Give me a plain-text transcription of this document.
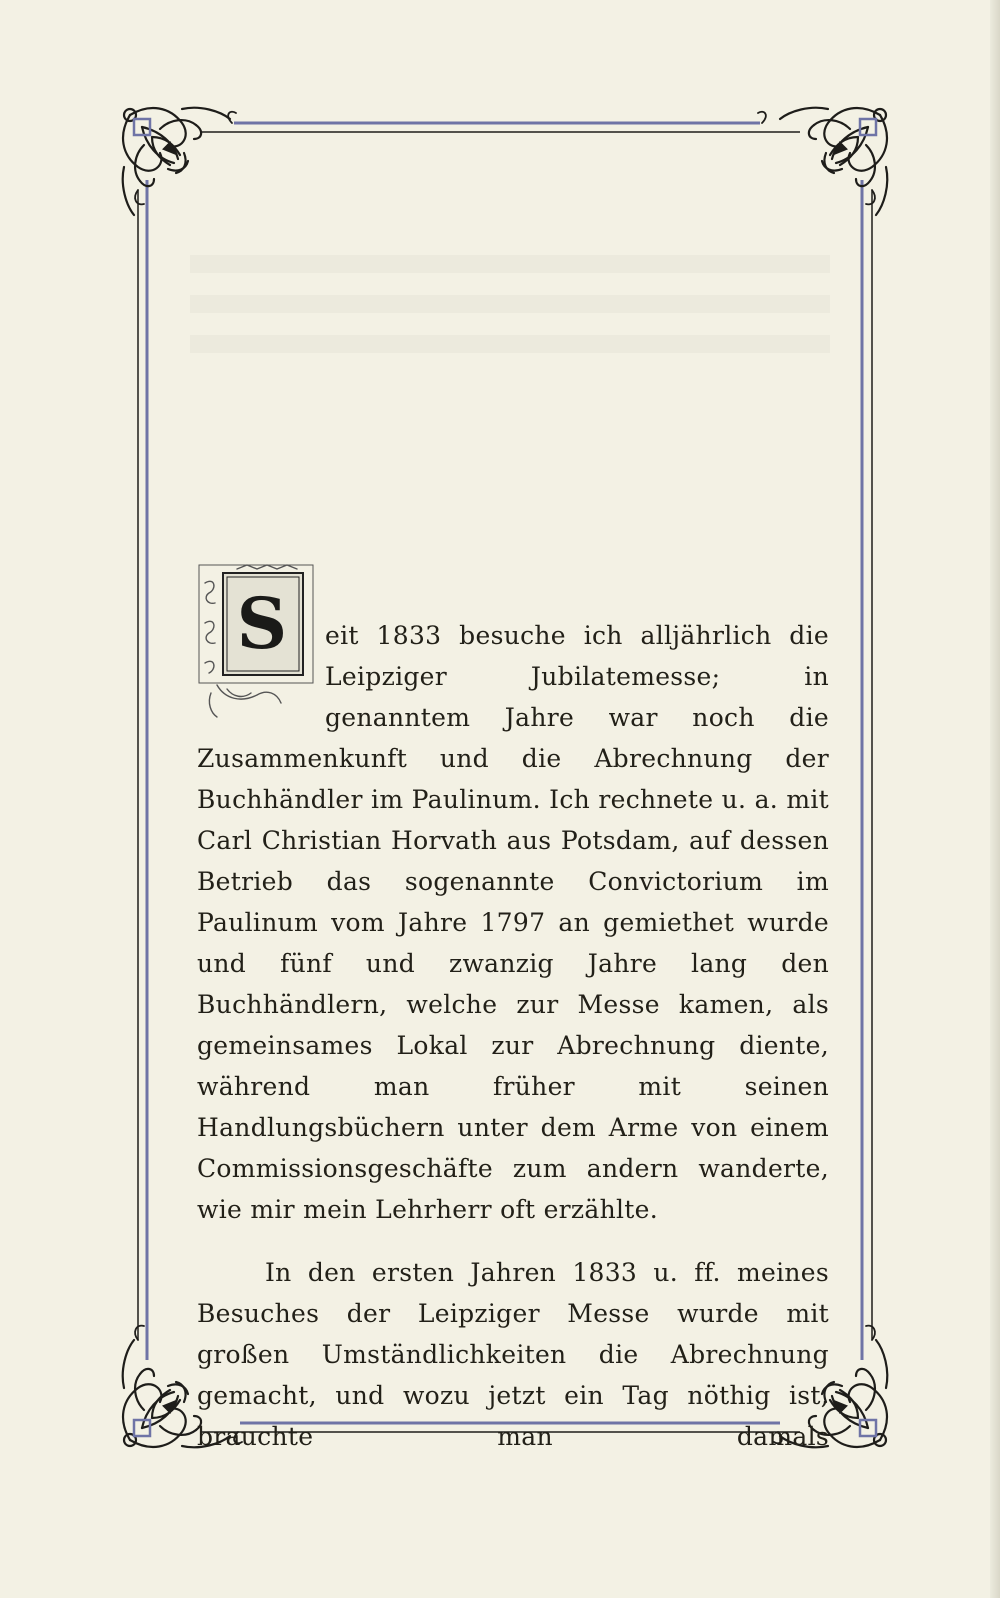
S	eit 1833 besuche ich alljährlich die Leipziger Jubilatemesse; in genanntem Jahre war noch die Zusammenkunft und die Abrechnung der Buchhändler im Paulinum. Ich rechnete u. a. mit Carl Christian Horvath aus Potsdam, auf dessen Betrieb das sogenannte Convictorium im Paulinum vom Jahre 1797 an gemiethet wurde und fünf und zwanzig Jahre lang den Buchhändlern, welche zur Messe kamen, als gemeinsames Lokal zur Abrechnung diente, während man früher mit seinen Handlungsbüchern unter dem Arme von einem Commissionsgeschäfte zum andern wanderte, wie mir mein Lehrherr oft erzählte.

In den ersten Jahren 1833 u. ff. meines Besuches der Leipziger Messe wurde mit großen Umständlichkeiten die Abrechnung gemacht, und wozu jetzt ein Tag nöthig ist, brauchte man damals
